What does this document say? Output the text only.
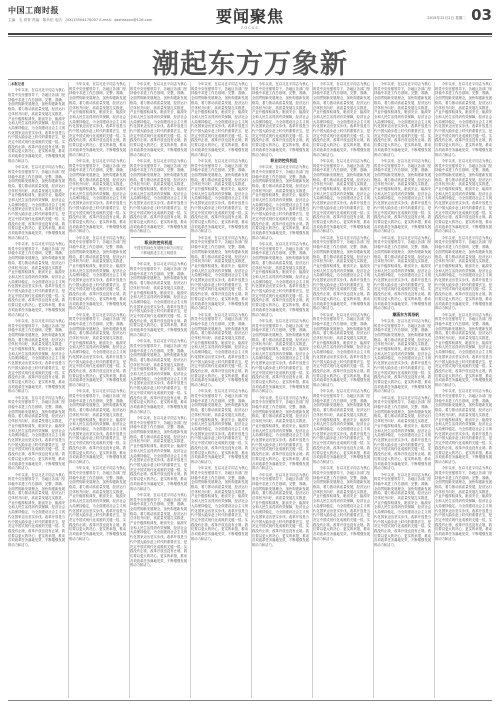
中国工商时报
主编：毛 青青 责编：陈肖依 电话：(VX)15504170007 E-mail：gsshbsxxx@126.com	要闻聚焦
FOCUS
2015年12月1日 星期二 03
潮起东方万象新

□本报记者

今年以来，在以习近平同志为核心的党中央坚强领导下，各地区各部门坚持稳中求进工作总基调，完整、准确、全面贯彻新发展理念，加快构建新发展格局，着力推动高质量发展，经济运行总体回升向好，高质量发展扎实推进，产业升级厚积薄发，粮食安全、能源安全和人民生活得到有效保障，经济社会大局保持稳定，为全面建设社会主义现代化国家迈出坚实步伐。改革开放是当代中国大踏步赶上时代的重要法宝，是决定中国式现代化成败的关键一招。实践没有止境，改革开放也没有止境。我们要以更大的决心、更实的举措，推动各项改革任务落地见效，不断增强发展的动力和活力。

今年以来，在以习近平同志为核心的党中央坚强领导下，各地区各部门坚持稳中求进工作总基调，完整、准确、全面贯彻新发展理念，加快构建新发展格局，着力推动高质量发展，经济运行总体回升向好，高质量发展扎实推进，产业升级厚积薄发，粮食安全、能源安全和人民生活得到有效保障，经济社会大局保持稳定，为全面建设社会主义现代化国家迈出坚实步伐。改革开放是当代中国大踏步赶上时代的重要法宝，是决定中国式现代化成败的关键一招。实践没有止境，改革开放也没有止境。我们要以更大的决心、更实的举措，推动各项改革任务落地见效，不断增强发展的动力和活力。

今年以来，在以习近平同志为核心的党中央坚强领导下，各地区各部门坚持稳中求进工作总基调，完整、准确、全面贯彻新发展理念，加快构建新发展格局，着力推动高质量发展，经济运行总体回升向好，高质量发展扎实推进，产业升级厚积薄发，粮食安全、能源安全和人民生活得到有效保障，经济社会大局保持稳定，为全面建设社会主义现代化国家迈出坚实步伐。改革开放是当代中国大踏步赶上时代的重要法宝，是决定中国式现代化成败的关键一招。实践没有止境，改革开放也没有止境。我们要以更大的决心、更实的举措，推动各项改革任务落地见效，不断增强发展的动力和活力。

今年以来，在以习近平同志为核心的党中央坚强领导下，各地区各部门坚持稳中求进工作总基调，完整、准确、全面贯彻新发展理念，加快构建新发展格局，着力推动高质量发展，经济运行总体回升向好，高质量发展扎实推进，产业升级厚积薄发，粮食安全、能源安全和人民生活得到有效保障，经济社会大局保持稳定，为全面建设社会主义现代化国家迈出坚实步伐。改革开放是当代中国大踏步赶上时代的重要法宝，是决定中国式现代化成败的关键一招。实践没有止境，改革开放也没有止境。我们要以更大的决心、更实的举措，推动各项改革任务落地见效，不断增强发展的动力和活力。

今年以来，在以习近平同志为核心的党中央坚强领导下，各地区各部门坚持稳中求进工作总基调，完整、准确、全面贯彻新发展理念，加快构建新发展格局，着力推动高质量发展，经济运行总体回升向好，高质量发展扎实推进，产业升级厚积薄发，粮食安全、能源安全和人民生活得到有效保障，经济社会大局保持稳定，为全面建设社会主义现代化国家迈出坚实步伐。改革开放是当代中国大踏步赶上时代的重要法宝，是决定中国式现代化成败的关键一招。实践没有止境，改革开放也没有止境。我们要以更大的决心、更实的举措，推动各项改革任务落地见效，不断增强发展的动力和活力。

今年以来，在以习近平同志为核心的党中央坚强领导下，各地区各部门坚持稳中求进工作总基调，完整、准确、全面贯彻新发展理念，加快构建新发展格局，着力推动高质量发展，经济运行总体回升向好，高质量发展扎实推进，产业升级厚积薄发，粮食安全、能源安全和人民生活得到有效保障，经济社会大局保持稳定，为全面建设社会主义现代化国家迈出坚实步伐。改革开放是当代中国大踏步赶上时代的重要法宝，是决定中国式现代化成败的关键一招。实践没有止境，改革开放也没有止境。我们要以更大的决心、更实的举措，推动各项改革任务落地见效，不断增强发展的动力和活力。

今年以来，在以习近平同志为核心的党中央坚强领导下，各地区各部门坚持稳中求进工作总基调，完整、准确、全面贯彻新发展理念，加快构建新发展格局，着力推动高质量发展，经济运行总体回升向好，高质量发展扎实推进，产业升级厚积薄发，粮食安全、能源安全和人民生活得到有效保障，经济社会大局保持稳定，为全面建设社会主义现代化国家迈出坚实步伐。改革开放是当代中国大踏步赶上时代的重要法宝，是决定中国式现代化成败的关键一招。实践没有止境，改革开放也没有止境。我们要以更大的决心、更实的举措，推动各项改革任务落地见效，不断增强发展的动力和活力。

今年以来，在以习近平同志为核心的党中央坚强领导下，各地区各部门坚持稳中求进工作总基调，完整、准确、全面贯彻新发展理念，加快构建新发展格局，着力推动高质量发展，经济运行总体回升向好，高质量发展扎实推进，产业升级厚积薄发，粮食安全、能源安全和人民生活得到有效保障，经济社会大局保持稳定，为全面建设社会主义现代化国家迈出坚实步伐。改革开放是当代中国大踏步赶上时代的重要法宝，是决定中国式现代化成败的关键一招。实践没有止境，改革开放也没有止境。我们要以更大的决心、更实的举措，推动各项改革任务落地见效，不断增强发展的动力和活力。

今年以来，在以习近平同志为核心的党中央坚强领导下，各地区各部门坚持稳中求进工作总基调，完整、准确、全面贯彻新发展理念，加快构建新发展格局，着力推动高质量发展，经济运行总体回升向好，高质量发展扎实推进，产业升级厚积薄发，粮食安全、能源安全和人民生活得到有效保障，经济社会大局保持稳定，为全面建设社会主义现代化国家迈出坚实步伐。改革开放是当代中国大踏步赶上时代的重要法宝，是决定中国式现代化成败的关键一招。实践没有止境，改革开放也没有止境。我们要以更大的决心、更实的举措，推动各项改革任务落地见效，不断增强发展的动力和活力。

今年以来，在以习近平同志为核心的党中央坚强领导下，各地区各部门坚持稳中求进工作总基调，完整、准确、全面贯彻新发展理念，加快构建新发展格局，着力推动高质量发展，经济运行总体回升向好，高质量发展扎实推进，产业升级厚积薄发，粮食安全、能源安全和人民生活得到有效保障，经济社会大局保持稳定，为全面建设社会主义现代化国家迈出坚实步伐。改革开放是当代中国大踏步赶上时代的重要法宝，是决定中国式现代化成败的关键一招。实践没有止境，改革开放也没有止境。我们要以更大的决心、更实的举措，推动各项改革任务落地见效，不断增强发展的动力和活力。

今年以来，在以习近平同志为核心的党中央坚强领导下，各地区各部门坚持稳中求进工作总基调，完整、准确、全面贯彻新发展理念，加快构建新发展格局，着力推动高质量发展，经济运行总体回升向好，高质量发展扎实推进，产业升级厚积薄发，粮食安全、能源安全和人民生活得到有效保障，经济社会大局保持稳定，为全面建设社会主义现代化国家迈出坚实步伐。改革开放是当代中国大踏步赶上时代的重要法宝，是决定中国式现代化成败的关键一招。实践没有止境，改革开放也没有止境。我们要以更大的决心、更实的举措，推动各项改革任务落地见效，不断增强发展的动力和活力。

今年以来，在以习近平同志为核心的党中央坚强领导下，各地区各部门坚持稳中求进工作总基调，完整、准确、全面贯彻新发展理念，加快构建新发展格局，着力推动高质量发展，经济运行总体回升向好，高质量发展扎实推进，产业升级厚积薄发，粮食安全、能源安全和人民生活得到有效保障，经济社会大局保持稳定，为全面建设社会主义现代化国家迈出坚实步伐。改革开放是当代中国大踏步赶上时代的重要法宝，是决定中国式现代化成败的关键一招。实践没有止境，改革开放也没有止境。我们要以更大的决心、更实的举措，推动各项改革任务落地见效，不断增强发展的动力和活力。

今年以来，在以习近平同志为核心的党中央坚强领导下，各地区各部门坚持稳中求进工作总基调，完整、准确、全面贯彻新发展理念，加快构建新发展格局，着力推动高质量发展，经济运行总体回升向好，高质量发展扎实推进，产业升级厚积薄发，粮食安全、能源安全和人民生活得到有效保障，经济社会大局保持稳定，为全面建设社会主义现代化国家迈出坚实步伐。改革开放是当代中国大踏步赶上时代的重要法宝，是决定中国式现代化成败的关键一招。实践没有止境，改革开放也没有止境。我们要以更大的决心、更实的举措，推动各项改革任务落地见效，不断增强发展的动力和活力。

今年以来，在以习近平同志为核心的党中央坚强领导下，各地区各部门坚持稳中求进工作总基调，完整、准确、全面贯彻新发展理念，加快构建新发展格局，着力推动高质量发展，经济运行总体回升向好，高质量发展扎实推进，产业升级厚积薄发，粮食安全、能源安全和人民生活得到有效保障，经济社会大局保持稳定，为全面建设社会主义现代化国家迈出坚实步伐。改革开放是当代中国大踏步赶上时代的重要法宝，是决定中国式现代化成败的关键一招。实践没有止境，改革开放也没有止境。我们要以更大的决心、更实的举措，推动各项改革任务落地见效，不断增强发展的动力和活力。

职业防控有机组
中国坚持绿色发展理念和方向坚定不移地推进生态文明建设

今年以来，在以习近平同志为核心的党中央坚强领导下，各地区各部门坚持稳中求进工作总基调，完整、准确、全面贯彻新发展理念，加快构建新发展格局，着力推动高质量发展，经济运行总体回升向好，高质量发展扎实推进，产业升级厚积薄发，粮食安全、能源安全和人民生活得到有效保障，经济社会大局保持稳定，为全面建设社会主义现代化国家迈出坚实步伐。改革开放是当代中国大踏步赶上时代的重要法宝，是决定中国式现代化成败的关键一招。实践没有止境，改革开放也没有止境。我们要以更大的决心、更实的举措，推动各项改革任务落地见效，不断增强发展的动力和活力。

今年以来，在以习近平同志为核心的党中央坚强领导下，各地区各部门坚持稳中求进工作总基调，完整、准确、全面贯彻新发展理念，加快构建新发展格局，着力推动高质量发展，经济运行总体回升向好，高质量发展扎实推进，产业升级厚积薄发，粮食安全、能源安全和人民生活得到有效保障，经济社会大局保持稳定，为全面建设社会主义现代化国家迈出坚实步伐。改革开放是当代中国大踏步赶上时代的重要法宝，是决定中国式现代化成败的关键一招。实践没有止境，改革开放也没有止境。我们要以更大的决心、更实的举措，推动各项改革任务落地见效，不断增强发展的动力和活力。

今年以来，在以习近平同志为核心的党中央坚强领导下，各地区各部门坚持稳中求进工作总基调，完整、准确、全面贯彻新发展理念，加快构建新发展格局，着力推动高质量发展，经济运行总体回升向好，高质量发展扎实推进，产业升级厚积薄发，粮食安全、能源安全和人民生活得到有效保障，经济社会大局保持稳定，为全面建设社会主义现代化国家迈出坚实步伐。改革开放是当代中国大踏步赶上时代的重要法宝，是决定中国式现代化成败的关键一招。实践没有止境，改革开放也没有止境。我们要以更大的决心、更实的举措，推动各项改革任务落地见效，不断增强发展的动力和活力。

今年以来，在以习近平同志为核心的党中央坚强领导下，各地区各部门坚持稳中求进工作总基调，完整、准确、全面贯彻新发展理念，加快构建新发展格局，着力推动高质量发展，经济运行总体回升向好，高质量发展扎实推进，产业升级厚积薄发，粮食安全、能源安全和人民生活得到有效保障，经济社会大局保持稳定，为全面建设社会主义现代化国家迈出坚实步伐。改革开放是当代中国大踏步赶上时代的重要法宝，是决定中国式现代化成败的关键一招。实践没有止境，改革开放也没有止境。我们要以更大的决心、更实的举措，推动各项改革任务落地见效，不断增强发展的动力和活力。

今年以来，在以习近平同志为核心的党中央坚强领导下，各地区各部门坚持稳中求进工作总基调，完整、准确、全面贯彻新发展理念，加快构建新发展格局，着力推动高质量发展，经济运行总体回升向好，高质量发展扎实推进，产业升级厚积薄发，粮食安全、能源安全和人民生活得到有效保障，经济社会大局保持稳定，为全面建设社会主义现代化国家迈出坚实步伐。改革开放是当代中国大踏步赶上时代的重要法宝，是决定中国式现代化成败的关键一招。实践没有止境，改革开放也没有止境。我们要以更大的决心、更实的举措，推动各项改革任务落地见效，不断增强发展的动力和活力。

今年以来，在以习近平同志为核心的党中央坚强领导下，各地区各部门坚持稳中求进工作总基调，完整、准确、全面贯彻新发展理念，加快构建新发展格局，着力推动高质量发展，经济运行总体回升向好，高质量发展扎实推进，产业升级厚积薄发，粮食安全、能源安全和人民生活得到有效保障，经济社会大局保持稳定，为全面建设社会主义现代化国家迈出坚实步伐。改革开放是当代中国大踏步赶上时代的重要法宝，是决定中国式现代化成败的关键一招。实践没有止境，改革开放也没有止境。我们要以更大的决心、更实的举措，推动各项改革任务落地见效，不断增强发展的动力和活力。

今年以来，在以习近平同志为核心的党中央坚强领导下，各地区各部门坚持稳中求进工作总基调，完整、准确、全面贯彻新发展理念，加快构建新发展格局，着力推动高质量发展，经济运行总体回升向好，高质量发展扎实推进，产业升级厚积薄发，粮食安全、能源安全和人民生活得到有效保障，经济社会大局保持稳定，为全面建设社会主义现代化国家迈出坚实步伐。改革开放是当代中国大踏步赶上时代的重要法宝，是决定中国式现代化成败的关键一招。实践没有止境，改革开放也没有止境。我们要以更大的决心、更实的举措，推动各项改革任务落地见效，不断增强发展的动力和活力。

今年以来，在以习近平同志为核心的党中央坚强领导下，各地区各部门坚持稳中求进工作总基调，完整、准确、全面贯彻新发展理念，加快构建新发展格局，着力推动高质量发展，经济运行总体回升向好，高质量发展扎实推进，产业升级厚积薄发，粮食安全、能源安全和人民生活得到有效保障，经济社会大局保持稳定，为全面建设社会主义现代化国家迈出坚实步伐。改革开放是当代中国大踏步赶上时代的重要法宝，是决定中国式现代化成败的关键一招。实践没有止境，改革开放也没有止境。我们要以更大的决心、更实的举措，推动各项改革任务落地见效，不断增强发展的动力和活力。

今年以来，在以习近平同志为核心的党中央坚强领导下，各地区各部门坚持稳中求进工作总基调，完整、准确、全面贯彻新发展理念，加快构建新发展格局，着力推动高质量发展，经济运行总体回升向好，高质量发展扎实推进，产业升级厚积薄发，粮食安全、能源安全和人民生活得到有效保障，经济社会大局保持稳定，为全面建设社会主义现代化国家迈出坚实步伐。改革开放是当代中国大踏步赶上时代的重要法宝，是决定中国式现代化成败的关键一招。实践没有止境，改革开放也没有止境。我们要以更大的决心、更实的举措，推动各项改革任务落地见效，不断增强发展的动力和活力。

今年以来，在以习近平同志为核心的党中央坚强领导下，各地区各部门坚持稳中求进工作总基调，完整、准确、全面贯彻新发展理念，加快构建新发展格局，着力推动高质量发展，经济运行总体回升向好，高质量发展扎实推进，产业升级厚积薄发，粮食安全、能源安全和人民生活得到有效保障，经济社会大局保持稳定，为全面建设社会主义现代化国家迈出坚实步伐。改革开放是当代中国大踏步赶上时代的重要法宝，是决定中国式现代化成败的关键一招。实践没有止境，改革开放也没有止境。我们要以更大的决心、更实的举措，推动各项改革任务落地见效，不断增强发展的动力和活力。

今年以来，在以习近平同志为核心的党中央坚强领导下，各地区各部门坚持稳中求进工作总基调，完整、准确、全面贯彻新发展理念，加快构建新发展格局，着力推动高质量发展，经济运行总体回升向好，高质量发展扎实推进，产业升级厚积薄发，粮食安全、能源安全和人民生活得到有效保障，经济社会大局保持稳定，为全面建设社会主义现代化国家迈出坚实步伐。改革开放是当代中国大踏步赶上时代的重要法宝，是决定中国式现代化成败的关键一招。实践没有止境，改革开放也没有止境。我们要以更大的决心、更实的举措，推动各项改革任务落地见效，不断增强发展的动力和活力。

职业防控有机组

今年以来，在以习近平同志为核心的党中央坚强领导下，各地区各部门坚持稳中求进工作总基调，完整、准确、全面贯彻新发展理念，加快构建新发展格局，着力推动高质量发展，经济运行总体回升向好，高质量发展扎实推进，产业升级厚积薄发，粮食安全、能源安全和人民生活得到有效保障，经济社会大局保持稳定，为全面建设社会主义现代化国家迈出坚实步伐。改革开放是当代中国大踏步赶上时代的重要法宝，是决定中国式现代化成败的关键一招。实践没有止境，改革开放也没有止境。我们要以更大的决心、更实的举措，推动各项改革任务落地见效，不断增强发展的动力和活力。

今年以来，在以习近平同志为核心的党中央坚强领导下，各地区各部门坚持稳中求进工作总基调，完整、准确、全面贯彻新发展理念，加快构建新发展格局，着力推动高质量发展，经济运行总体回升向好，高质量发展扎实推进，产业升级厚积薄发，粮食安全、能源安全和人民生活得到有效保障，经济社会大局保持稳定，为全面建设社会主义现代化国家迈出坚实步伐。改革开放是当代中国大踏步赶上时代的重要法宝，是决定中国式现代化成败的关键一招。实践没有止境，改革开放也没有止境。我们要以更大的决心、更实的举措，推动各项改革任务落地见效，不断增强发展的动力和活力。

今年以来，在以习近平同志为核心的党中央坚强领导下，各地区各部门坚持稳中求进工作总基调，完整、准确、全面贯彻新发展理念，加快构建新发展格局，着力推动高质量发展，经济运行总体回升向好，高质量发展扎实推进，产业升级厚积薄发，粮食安全、能源安全和人民生活得到有效保障，经济社会大局保持稳定，为全面建设社会主义现代化国家迈出坚实步伐。改革开放是当代中国大踏步赶上时代的重要法宝，是决定中国式现代化成败的关键一招。实践没有止境，改革开放也没有止境。我们要以更大的决心、更实的举措，推动各项改革任务落地见效，不断增强发展的动力和活力。

今年以来，在以习近平同志为核心的党中央坚强领导下，各地区各部门坚持稳中求进工作总基调，完整、准确、全面贯彻新发展理念，加快构建新发展格局，着力推动高质量发展，经济运行总体回升向好，高质量发展扎实推进，产业升级厚积薄发，粮食安全、能源安全和人民生活得到有效保障，经济社会大局保持稳定，为全面建设社会主义现代化国家迈出坚实步伐。改革开放是当代中国大踏步赶上时代的重要法宝，是决定中国式现代化成败的关键一招。实践没有止境，改革开放也没有止境。我们要以更大的决心、更实的举措，推动各项改革任务落地见效，不断增强发展的动力和活力。

今年以来，在以习近平同志为核心的党中央坚强领导下，各地区各部门坚持稳中求进工作总基调，完整、准确、全面贯彻新发展理念，加快构建新发展格局，着力推动高质量发展，经济运行总体回升向好，高质量发展扎实推进，产业升级厚积薄发，粮食安全、能源安全和人民生活得到有效保障，经济社会大局保持稳定，为全面建设社会主义现代化国家迈出坚实步伐。改革开放是当代中国大踏步赶上时代的重要法宝，是决定中国式现代化成败的关键一招。实践没有止境，改革开放也没有止境。我们要以更大的决心、更实的举措，推动各项改革任务落地见效，不断增强发展的动力和活力。

今年以来，在以习近平同志为核心的党中央坚强领导下，各地区各部门坚持稳中求进工作总基调，完整、准确、全面贯彻新发展理念，加快构建新发展格局，着力推动高质量发展，经济运行总体回升向好，高质量发展扎实推进，产业升级厚积薄发，粮食安全、能源安全和人民生活得到有效保障，经济社会大局保持稳定，为全面建设社会主义现代化国家迈出坚实步伐。改革开放是当代中国大踏步赶上时代的重要法宝，是决定中国式现代化成败的关键一招。实践没有止境，改革开放也没有止境。我们要以更大的决心、更实的举措，推动各项改革任务落地见效，不断增强发展的动力和活力。

今年以来，在以习近平同志为核心的党中央坚强领导下，各地区各部门坚持稳中求进工作总基调，完整、准确、全面贯彻新发展理念，加快构建新发展格局，着力推动高质量发展，经济运行总体回升向好，高质量发展扎实推进，产业升级厚积薄发，粮食安全、能源安全和人民生活得到有效保障，经济社会大局保持稳定，为全面建设社会主义现代化国家迈出坚实步伐。改革开放是当代中国大踏步赶上时代的重要法宝，是决定中国式现代化成败的关键一招。实践没有止境，改革开放也没有止境。我们要以更大的决心、更实的举措，推动各项改革任务落地见效，不断增强发展的动力和活力。

今年以来，在以习近平同志为核心的党中央坚强领导下，各地区各部门坚持稳中求进工作总基调，完整、准确、全面贯彻新发展理念，加快构建新发展格局，着力推动高质量发展，经济运行总体回升向好，高质量发展扎实推进，产业升级厚积薄发，粮食安全、能源安全和人民生活得到有效保障，经济社会大局保持稳定，为全面建设社会主义现代化国家迈出坚实步伐。改革开放是当代中国大踏步赶上时代的重要法宝，是决定中国式现代化成败的关键一招。实践没有止境，改革开放也没有止境。我们要以更大的决心、更实的举措，推动各项改革任务落地见效，不断增强发展的动力和活力。

今年以来，在以习近平同志为核心的党中央坚强领导下，各地区各部门坚持稳中求进工作总基调，完整、准确、全面贯彻新发展理念，加快构建新发展格局，着力推动高质量发展，经济运行总体回升向好，高质量发展扎实推进，产业升级厚积薄发，粮食安全、能源安全和人民生活得到有效保障，经济社会大局保持稳定，为全面建设社会主义现代化国家迈出坚实步伐。改革开放是当代中国大踏步赶上时代的重要法宝，是决定中国式现代化成败的关键一招。实践没有止境，改革开放也没有止境。我们要以更大的决心、更实的举措，推动各项改革任务落地见效，不断增强发展的动力和活力。

今年以来，在以习近平同志为核心的党中央坚强领导下，各地区各部门坚持稳中求进工作总基调，完整、准确、全面贯彻新发展理念，加快构建新发展格局，着力推动高质量发展，经济运行总体回升向好，高质量发展扎实推进，产业升级厚积薄发，粮食安全、能源安全和人民生活得到有效保障，经济社会大局保持稳定，为全面建设社会主义现代化国家迈出坚实步伐。改革开放是当代中国大踏步赶上时代的重要法宝，是决定中国式现代化成败的关键一招。实践没有止境，改革开放也没有止境。我们要以更大的决心、更实的举措，推动各项改革任务落地见效，不断增强发展的动力和活力。

今年以来，在以习近平同志为核心的党中央坚强领导下，各地区各部门坚持稳中求进工作总基调，完整、准确、全面贯彻新发展理念，加快构建新发展格局，着力推动高质量发展，经济运行总体回升向好，高质量发展扎实推进，产业升级厚积薄发，粮食安全、能源安全和人民生活得到有效保障，经济社会大局保持稳定，为全面建设社会主义现代化国家迈出坚实步伐。改革开放是当代中国大踏步赶上时代的重要法宝，是决定中国式现代化成败的关键一招。实践没有止境，改革开放也没有止境。我们要以更大的决心、更实的举措，推动各项改革任务落地见效，不断增强发展的动力和活力。

今年以来，在以习近平同志为核心的党中央坚强领导下，各地区各部门坚持稳中求进工作总基调，完整、准确、全面贯彻新发展理念，加快构建新发展格局，着力推动高质量发展，经济运行总体回升向好，高质量发展扎实推进，产业升级厚积薄发，粮食安全、能源安全和人民生活得到有效保障，经济社会大局保持稳定，为全面建设社会主义现代化国家迈出坚实步伐。改革开放是当代中国大踏步赶上时代的重要法宝，是决定中国式现代化成败的关键一招。实践没有止境，改革开放也没有止境。我们要以更大的决心、更实的举措，推动各项改革任务落地见效，不断增强发展的动力和活力。

今年以来，在以习近平同志为核心的党中央坚强领导下，各地区各部门坚持稳中求进工作总基调，完整、准确、全面贯彻新发展理念，加快构建新发展格局，着力推动高质量发展，经济运行总体回升向好，高质量发展扎实推进，产业升级厚积薄发，粮食安全、能源安全和人民生活得到有效保障，经济社会大局保持稳定，为全面建设社会主义现代化国家迈出坚实步伐。改革开放是当代中国大踏步赶上时代的重要法宝，是决定中国式现代化成败的关键一招。实践没有止境，改革开放也没有止境。我们要以更大的决心、更实的举措，推动各项改革任务落地见效，不断增强发展的动力和活力。

今年以来，在以习近平同志为核心的党中央坚强领导下，各地区各部门坚持稳中求进工作总基调，完整、准确、全面贯彻新发展理念，加快构建新发展格局，着力推动高质量发展，经济运行总体回升向好，高质量发展扎实推进，产业升级厚积薄发，粮食安全、能源安全和人民生活得到有效保障，经济社会大局保持稳定，为全面建设社会主义现代化国家迈出坚实步伐。改革开放是当代中国大踏步赶上时代的重要法宝，是决定中国式现代化成败的关键一招。实践没有止境，改革开放也没有止境。我们要以更大的决心、更实的举措，推动各项改革任务落地见效，不断增强发展的动力和活力。

潮涌东方再扬帆

今年以来，在以习近平同志为核心的党中央坚强领导下，各地区各部门坚持稳中求进工作总基调，完整、准确、全面贯彻新发展理念，加快构建新发展格局，着力推动高质量发展，经济运行总体回升向好，高质量发展扎实推进，产业升级厚积薄发，粮食安全、能源安全和人民生活得到有效保障，经济社会大局保持稳定，为全面建设社会主义现代化国家迈出坚实步伐。改革开放是当代中国大踏步赶上时代的重要法宝，是决定中国式现代化成败的关键一招。实践没有止境，改革开放也没有止境。我们要以更大的决心、更实的举措，推动各项改革任务落地见效，不断增强发展的动力和活力。

今年以来，在以习近平同志为核心的党中央坚强领导下，各地区各部门坚持稳中求进工作总基调，完整、准确、全面贯彻新发展理念，加快构建新发展格局，着力推动高质量发展，经济运行总体回升向好，高质量发展扎实推进，产业升级厚积薄发，粮食安全、能源安全和人民生活得到有效保障，经济社会大局保持稳定，为全面建设社会主义现代化国家迈出坚实步伐。改革开放是当代中国大踏步赶上时代的重要法宝，是决定中国式现代化成败的关键一招。实践没有止境，改革开放也没有止境。我们要以更大的决心、更实的举措，推动各项改革任务落地见效，不断增强发展的动力和活力。

今年以来，在以习近平同志为核心的党中央坚强领导下，各地区各部门坚持稳中求进工作总基调，完整、准确、全面贯彻新发展理念，加快构建新发展格局，着力推动高质量发展，经济运行总体回升向好，高质量发展扎实推进，产业升级厚积薄发，粮食安全、能源安全和人民生活得到有效保障，经济社会大局保持稳定，为全面建设社会主义现代化国家迈出坚实步伐。改革开放是当代中国大踏步赶上时代的重要法宝，是决定中国式现代化成败的关键一招。实践没有止境，改革开放也没有止境。我们要以更大的决心、更实的举措，推动各项改革任务落地见效，不断增强发展的动力和活力。

今年以来，在以习近平同志为核心的党中央坚强领导下，各地区各部门坚持稳中求进工作总基调，完整、准确、全面贯彻新发展理念，加快构建新发展格局，着力推动高质量发展，经济运行总体回升向好，高质量发展扎实推进，产业升级厚积薄发，粮食安全、能源安全和人民生活得到有效保障，经济社会大局保持稳定，为全面建设社会主义现代化国家迈出坚实步伐。改革开放是当代中国大踏步赶上时代的重要法宝，是决定中国式现代化成败的关键一招。实践没有止境，改革开放也没有止境。我们要以更大的决心、更实的举措，推动各项改革任务落地见效，不断增强发展的动力和活力。

今年以来，在以习近平同志为核心的党中央坚强领导下，各地区各部门坚持稳中求进工作总基调，完整、准确、全面贯彻新发展理念，加快构建新发展格局，着力推动高质量发展，经济运行总体回升向好，高质量发展扎实推进，产业升级厚积薄发，粮食安全、能源安全和人民生活得到有效保障，经济社会大局保持稳定，为全面建设社会主义现代化国家迈出坚实步伐。改革开放是当代中国大踏步赶上时代的重要法宝，是决定中国式现代化成败的关键一招。实践没有止境，改革开放也没有止境。我们要以更大的决心、更实的举措，推动各项改革任务落地见效，不断增强发展的动力和活力。

今年以来，在以习近平同志为核心的党中央坚强领导下，各地区各部门坚持稳中求进工作总基调，完整、准确、全面贯彻新发展理念，加快构建新发展格局，着力推动高质量发展，经济运行总体回升向好，高质量发展扎实推进，产业升级厚积薄发，粮食安全、能源安全和人民生活得到有效保障，经济社会大局保持稳定，为全面建设社会主义现代化国家迈出坚实步伐。改革开放是当代中国大踏步赶上时代的重要法宝，是决定中国式现代化成败的关键一招。实践没有止境，改革开放也没有止境。我们要以更大的决心、更实的举措，推动各项改革任务落地见效，不断增强发展的动力和活力。

今年以来，在以习近平同志为核心的党中央坚强领导下，各地区各部门坚持稳中求进工作总基调，完整、准确、全面贯彻新发展理念，加快构建新发展格局，着力推动高质量发展，经济运行总体回升向好，高质量发展扎实推进，产业升级厚积薄发，粮食安全、能源安全和人民生活得到有效保障，经济社会大局保持稳定，为全面建设社会主义现代化国家迈出坚实步伐。改革开放是当代中国大踏步赶上时代的重要法宝，是决定中国式现代化成败的关键一招。实践没有止境，改革开放也没有止境。我们要以更大的决心、更实的举措，推动各项改革任务落地见效，不断增强发展的动力和活力。

今年以来，在以习近平同志为核心的党中央坚强领导下，各地区各部门坚持稳中求进工作总基调，完整、准确、全面贯彻新发展理念，加快构建新发展格局，着力推动高质量发展，经济运行总体回升向好，高质量发展扎实推进，产业升级厚积薄发，粮食安全、能源安全和人民生活得到有效保障，经济社会大局保持稳定，为全面建设社会主义现代化国家迈出坚实步伐。改革开放是当代中国大踏步赶上时代的重要法宝，是决定中国式现代化成败的关键一招。实践没有止境，改革开放也没有止境。我们要以更大的决心、更实的举措，推动各项改革任务落地见效，不断增强发展的动力和活力。

今年以来，在以习近平同志为核心的党中央坚强领导下，各地区各部门坚持稳中求进工作总基调，完整、准确、全面贯彻新发展理念，加快构建新发展格局，着力推动高质量发展，经济运行总体回升向好，高质量发展扎实推进，产业升级厚积薄发，粮食安全、能源安全和人民生活得到有效保障，经济社会大局保持稳定，为全面建设社会主义现代化国家迈出坚实步伐。改革开放是当代中国大踏步赶上时代的重要法宝，是决定中国式现代化成败的关键一招。实践没有止境，改革开放也没有止境。我们要以更大的决心、更实的举措，推动各项改革任务落地见效，不断增强发展的动力和活力。
